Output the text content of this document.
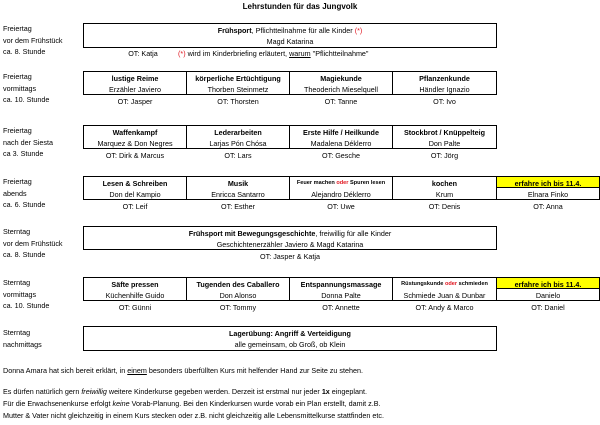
Lehrstunden für das Jungvolk
Freiertag
vor dem Frühstück
ca. 8. Stunde
Frühsport, Pflichtteilnahme für alle Kinder (*)
Magd Katarina
OT: Katja	(*) wird im Kinderbriefing erläutert, warum "Pflichtteilnahme"
Freiertag
vormittags
ca. 10. Stunde
lustige Reime
Erzähler Javiero
OT: Jasper
körperliche Ertüchtigung
Thorben Steinmetz
OT: Thorsten
Magiekunde
Theoderich Mieselquell
OT: Tanne
Pflanzenkunde
Händler Ignazio
OT: Ivo
Freiertag
nach der Siesta
ca 3. Stunde
Waffenkampf
Marquez & Don Negres
OT: Dirk & Marcus
Lederarbeiten
Larjas Pón Chósa
OT: Lars
Erste Hilfe / Heilkunde
Madalena Déklerro
OT: Gesche
Stockbrot / Knüppelteig
Don Palte
OT: Jörg
Freiertag
abends
ca. 6. Stunde
Lesen & Schreiben
Don del Kampio
OT: Leif
Musik
Enricca Santarro
OT: Esther
Feuer machen oder Spuren lesen
Alejandro Déklerro
OT: Uwe
kochen
Krum
OT: Denis
erfahre ich bis 11.4.
Elnara Finko
OT: Anna
Sterntag
vor dem Frühstück
ca. 8. Stunde
Frühsport mit Bewegungsgeschichte, freiwillig für alle Kinder
Geschichtenerzähler Javiero & Magd Katarina
OT: Jasper & Katja
Sterntag
vormittags
ca. 10. Stunde
Säfte pressen
Küchenhilfe Guido
OT: Günni
Tugenden des Caballero
Don Alonso
OT: Tommy
Entspannungsmassage
Donna Palte
OT: Annette
Rüstungskunde oder schmieden
Schmiede Juan & Dunbar
OT: Andy & Marco
erfahre ich bis 11.4.
Danielo
OT: Daniel
Sterntag
nachmittags
Lagerübung: Angriff & Verteidigung
alle gemeinsam, ob Groß, ob Klein
Donna Amara hat sich bereit erklärt, in einem besonders überfüllten Kurs mit helfender Hand zur Seite zu stehen.
Es dürfen natürlich gern freiwillig weitere Kinderkurse gegeben werden. Derzeit ist erstmal nur jeder 1x eingeplant.
Für die Erwachsenenkurse erfolgt keine Vorab-Planung. Bei den Kinderkursen wurde vorab ein Plan erstellt, damit z.B.
Mutter & Vater nicht gleichzeitig in einem Kurs stecken oder z.B. nicht gleichzeitig alle Lebensmittelkurse stattfinden etc.
